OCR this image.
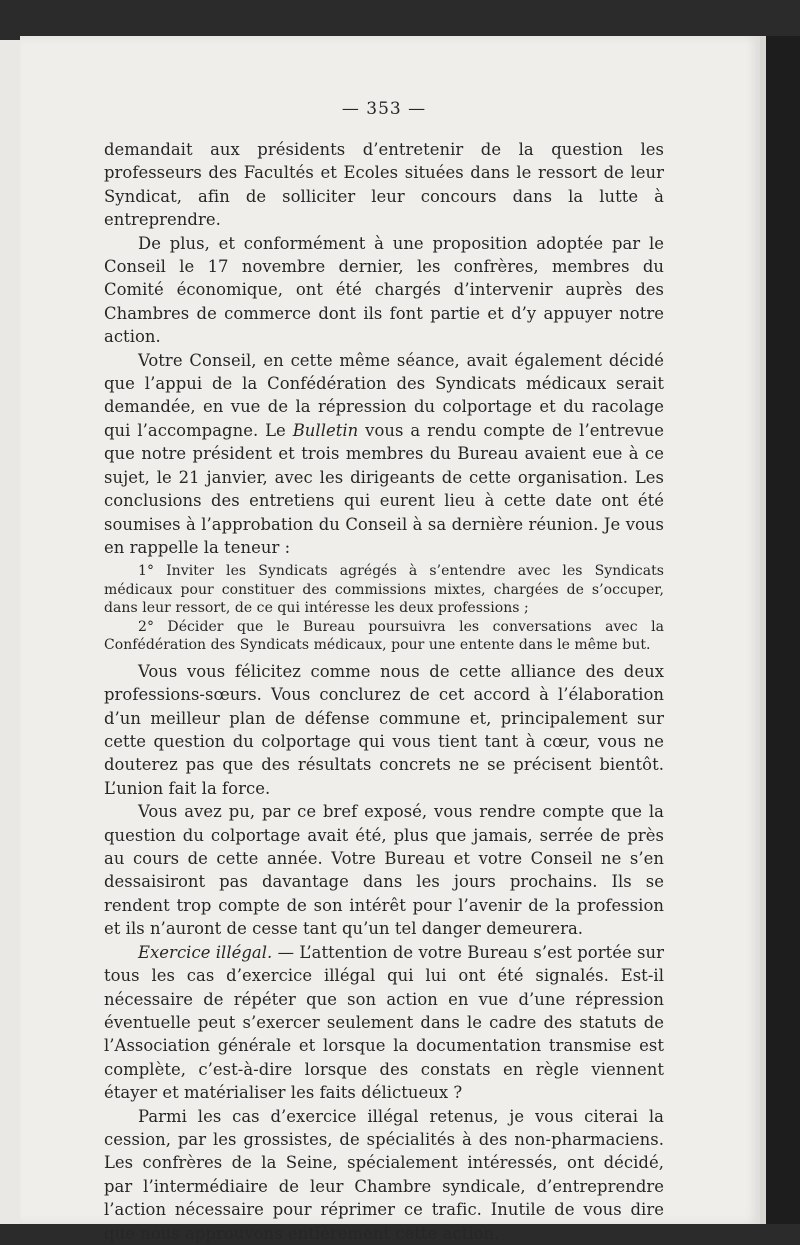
— 353 —

demandait aux présidents d’entretenir de la question les professeurs des Facultés et Ecoles situées dans le ressort de leur Syndicat, afin de solliciter leur concours dans la lutte à entreprendre.

De plus, et conformément à une proposition adoptée par le Conseil le 17 novembre dernier, les confrères, membres du Comité économique, ont été chargés d’intervenir auprès des Chambres de commerce dont ils font partie et d’y appuyer notre action.

Votre Conseil, en cette même séance, avait également décidé que l’appui de la Confédération des Syndicats médicaux serait demandée, en vue de la répression du colportage et du racolage qui l’accompagne. Le Bulletin vous a rendu compte de l’entrevue que notre président et trois membres du Bureau avaient eue à ce sujet, le 21 janvier, avec les dirigeants de cette organisation. Les conclusions des entretiens qui eurent lieu à cette date ont été soumises à l’approbation du Conseil à sa dernière réunion. Je vous en rappelle la teneur :

1° Inviter les Syndicats agrégés à s’entendre avec les Syndicats médicaux pour constituer des commissions mixtes, chargées de s’occuper, dans leur ressort, de ce qui intéresse les deux professions ;

2° Décider que le Bureau poursuivra les conversations avec la Confédération des Syndicats médicaux, pour une entente dans le même but.

Vous vous félicitez comme nous de cette alliance des deux professions-sœurs. Vous conclurez de cet accord à l’élaboration d’un meilleur plan de défense commune et, principalement sur cette question du colportage qui vous tient tant à cœur, vous ne douterez pas que des résultats concrets ne se précisent bientôt. L’union fait la force.

Vous avez pu, par ce bref exposé, vous rendre compte que la question du colportage avait été, plus que jamais, serrée de près au cours de cette année. Votre Bureau et votre Conseil ne s’en dessaisiront pas davantage dans les jours prochains. Ils se rendent trop compte de son intérêt pour l’avenir de la profession et ils n’auront de cesse tant qu’un tel danger demeurera.

Exercice illégal. — L’attention de votre Bureau s’est portée sur tous les cas d’exercice illégal qui lui ont été signalés. Est-il nécessaire de répéter que son action en vue d’une répression éventuelle peut s’exercer seulement dans le cadre des statuts de l’Association générale et lorsque la documentation transmise est complète, c’est-à-dire lorsque des constats en règle viennent étayer et matérialiser les faits délictueux ?

Parmi les cas d’exercice illégal retenus, je vous citerai la cession, par les grossistes, de spécialités à des non-pharmaciens. Les confrères de la Seine, spécialement intéressés, ont décidé, par l’intermédiaire de leur Chambre syndicale, d’entreprendre l’action nécessaire pour réprimer ce trafic. Inutile de vous dire que nous approuvons entièrement cette action.
